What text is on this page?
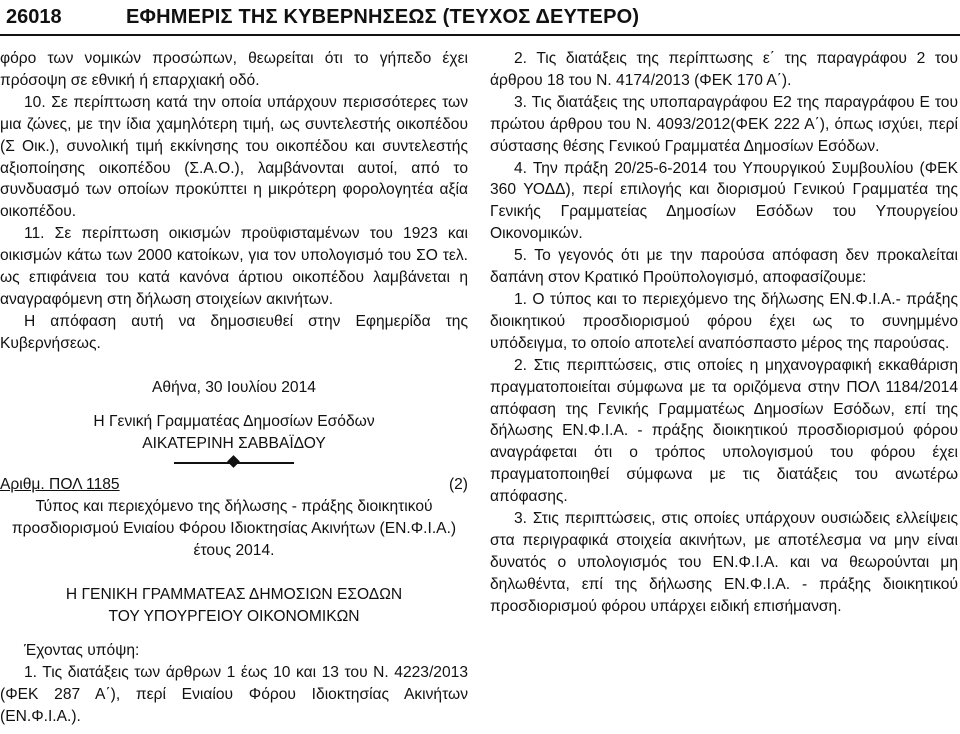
26018	ΕΦΗΜΕΡΙΣ ΤΗΣ ΚΥΒΕΡΝΗΣΕΩΣ (ΤΕΥΧΟΣ ΔΕΥΤΕΡΟ)

φόρο των νομικών προσώπων, θεωρείται ότι το γήπεδο έχει πρόσοψη σε εθνική ή επαρχιακή οδό.

10. Σε περίπτωση κατά την οποία υπάρχουν περισσότερες των μια ζώνες, με την ίδια χαμηλότερη τιμή, ως συντελεστής οικοπέδου (Σ Οικ.), συνολική τιμή εκκίνησης του οικοπέδου και συντελεστής αξιοποίησης οικοπέδου (Σ.Α.Ο.), λαμβάνονται αυτοί, από το συνδυασμό των οποίων προκύπτει η μικρότερη φορολογητέα αξία οικοπέδου.

11. Σε περίπτωση οικισμών προϋφισταμένων του 1923 και οικισμών κάτω των 2000 κατοίκων, για τον υπολογισμό του ΣΟ τελ. ως επιφάνεια του κατά κανόνα άρτιου οικοπέδου λαμβάνεται η αναγραφόμενη στη δήλωση στοιχείων ακινήτων.

Η απόφαση αυτή να δημοσιευθεί στην Εφημερίδα της Κυβερνήσεως.

Αθήνα, 30 Ιουλίου 2014

Η Γενική Γραμματέας Δημοσίων Εσόδων

ΑΙΚΑΤΕΡΙΝΗ ΣΑΒΒΑΪΔΟΥ

Αριθμ. ΠΟΛ 1185	(2)

Τύπος και περιεχόμενο της δήλωσης - πράξης διοικητικού προσδιορισμού Ενιαίου Φόρου Ιδιοκτησίας Ακινήτων (ΕΝ.Φ.Ι.Α.) έτους 2014.

Η ΓΕΝΙΚΗ ΓΡΑΜΜΑΤΕΑΣ ΔΗΜΟΣΙΩΝ ΕΣΟΔΩΝ

ΤΟΥ ΥΠΟΥΡΓΕΙΟΥ ΟΙΚΟΝΟΜΙΚΩΝ

Έχοντας υπόψη:

1. Τις διατάξεις των άρθρων 1 έως 10 και 13 του Ν. 4223/2013 (ΦΕΚ 287 Α΄), περί Ενιαίου Φόρου Ιδιοκτησίας Ακινήτων (ΕΝ.Φ.Ι.Α.).

2. Τις διατάξεις της περίπτωσης ε΄ της παραγράφου 2 του άρθρου 18 του Ν. 4174/2013 (ΦΕΚ 170 Α΄).

3. Τις διατάξεις της υποπαραγράφου Ε2 της παραγράφου Ε του πρώτου άρθρου του Ν. 4093/2012(ΦΕΚ 222 Α΄), όπως ισχύει, περί σύστασης θέσης Γενικού Γραμματέα Δημοσίων Εσόδων.

4. Την πράξη 20/25-6-2014 του Υπουργικού Συμβουλίου (ΦΕΚ 360 ΥΟΔΔ), περί επιλογής και διορισμού Γενικού Γραμματέα της Γενικής Γραμματείας Δημοσίων Εσόδων του Υπουργείου Οικονομικών.

5. Το γεγονός ότι με την παρούσα απόφαση δεν προκαλείται δαπάνη στον Κρατικό Προϋπολογισμό, αποφασίζουμε:

1. Ο τύπος και το περιεχόμενο της δήλωσης ΕΝ.Φ.Ι.Α.- πράξης διοικητικού προσδιορισμού φόρου έχει ως το συνημμένο υπόδειγμα, το οποίο αποτελεί αναπόσπαστο μέρος της παρούσας.

2. Στις περιπτώσεις, στις οποίες η μηχανογραφική εκκαθάριση πραγματοποιείται σύμφωνα με τα οριζόμενα στην ΠΟΛ 1184/2014 απόφαση της Γενικής Γραμματέως Δημοσίων Εσόδων, επί της δήλωσης ΕΝ.Φ.Ι.Α. - πράξης διοικητικού προσδιορισμού φόρου αναγράφεται ότι ο τρόπος υπολογισμού του φόρου έχει πραγματοποιηθεί σύμφωνα με τις διατάξεις του ανωτέρω απόφασης.

3. Στις περιπτώσεις, στις οποίες υπάρχουν ουσιώδεις ελλείψεις στα περιγραφικά στοιχεία ακινήτων, με αποτέλεσμα να μην είναι δυνατός ο υπολογισμός του ΕΝ.Φ.Ι.Α. και να θεωρούνται μη δηλωθέντα, επί της δήλωσης ΕΝ.Φ.Ι.Α. - πράξης διοικητικού προσδιορισμού φόρου υπάρχει ειδική επισήμανση.
